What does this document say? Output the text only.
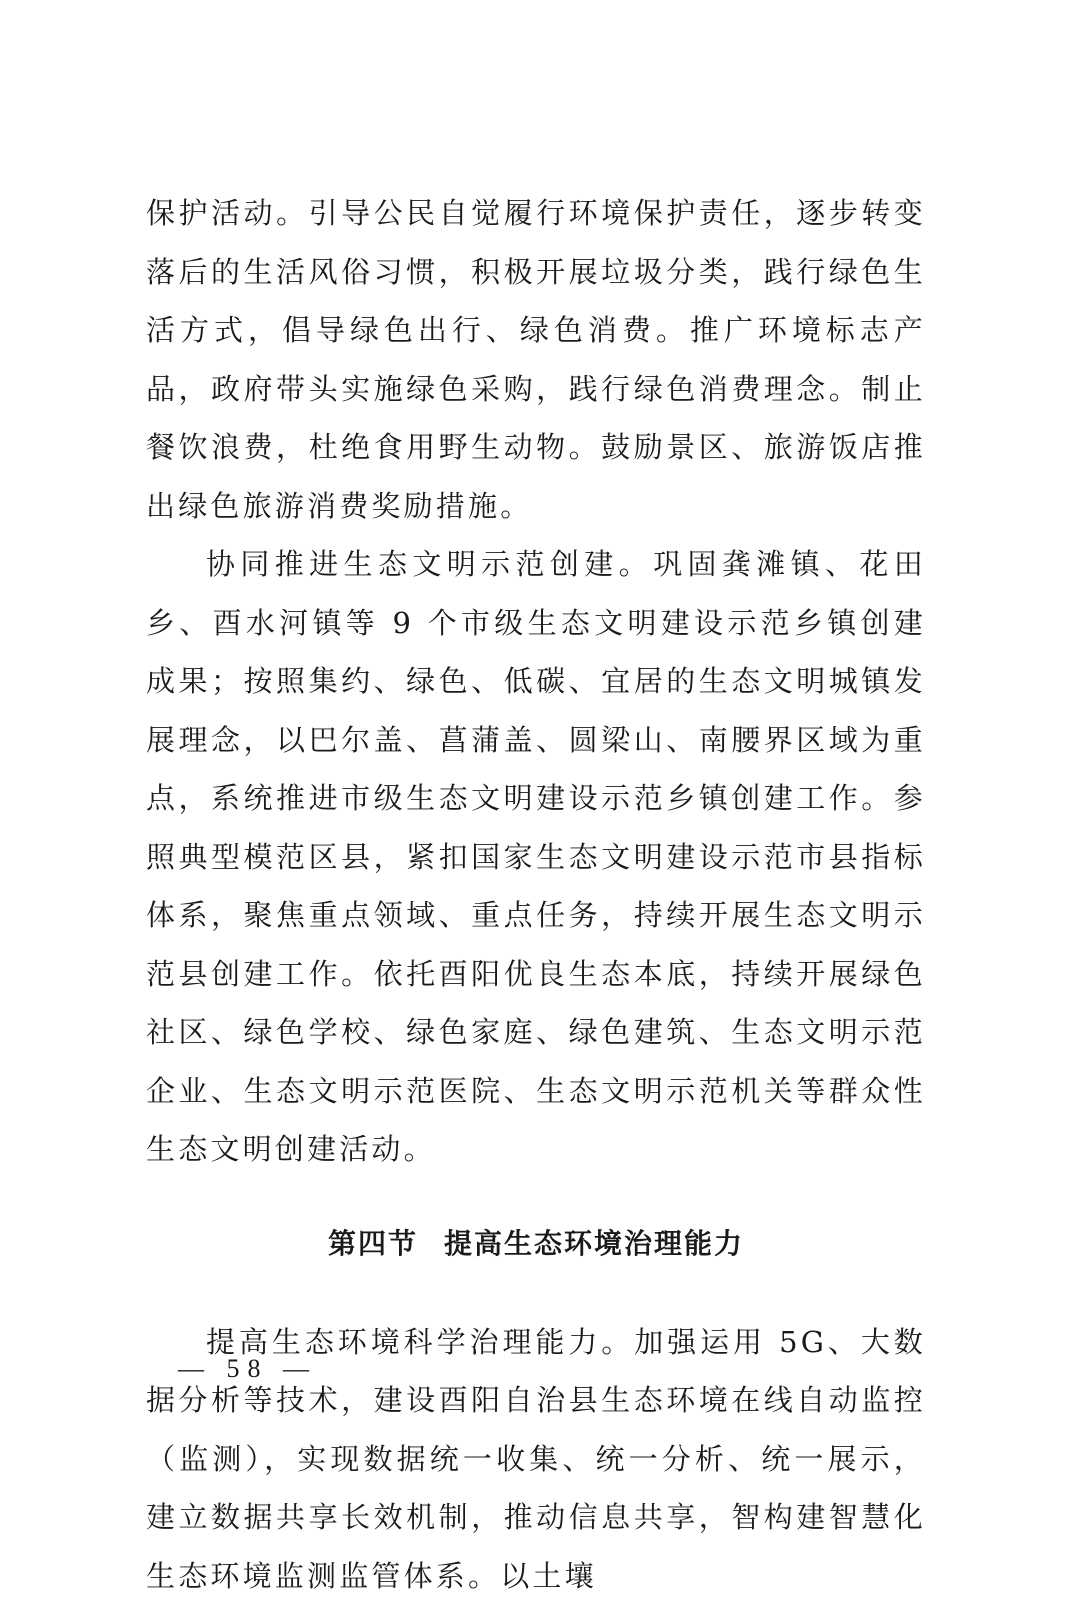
保护活动。引导公民自觉履行环境保护责任，逐步转变落后的生活风俗习惯，积极开展垃圾分类，践行绿色生活方式，倡导绿色出行、绿色消费。推广环境标志产品，政府带头实施绿色采购，践行绿色消费理念。制止餐饮浪费，杜绝食用野生动物。鼓励景区、旅游饭店推出绿色旅游消费奖励措施。

协同推进生态文明示范创建。巩固龚滩镇、花田乡、酉水河镇等 9 个市级生态文明建设示范乡镇创建成果；按照集约、绿色、低碳、宜居的生态文明城镇发展理念，以巴尔盖、菖蒲盖、圆梁山、南腰界区域为重点，系统推进市级生态文明建设示范乡镇创建工作。参照典型模范区县，紧扣国家生态文明建设示范市县指标体系，聚焦重点领域、重点任务，持续开展生态文明示范县创建工作。依托酉阳优良生态本底，持续开展绿色社区、绿色学校、绿色家庭、绿色建筑、生态文明示范企业、生态文明示范医院、生态文明示范机关等群众性生态文明创建活动。

第四节 提高生态环境治理能力

提高生态环境科学治理能力。加强运用 5G、大数据分析等技术，建设酉阳自治县生态环境在线自动监控（监测），实现数据统一收集、统一分析、统一展示，建立数据共享长效机制，推动信息共享，智构建智慧化生态环境监测监管体系。以土壤

— 58 —
